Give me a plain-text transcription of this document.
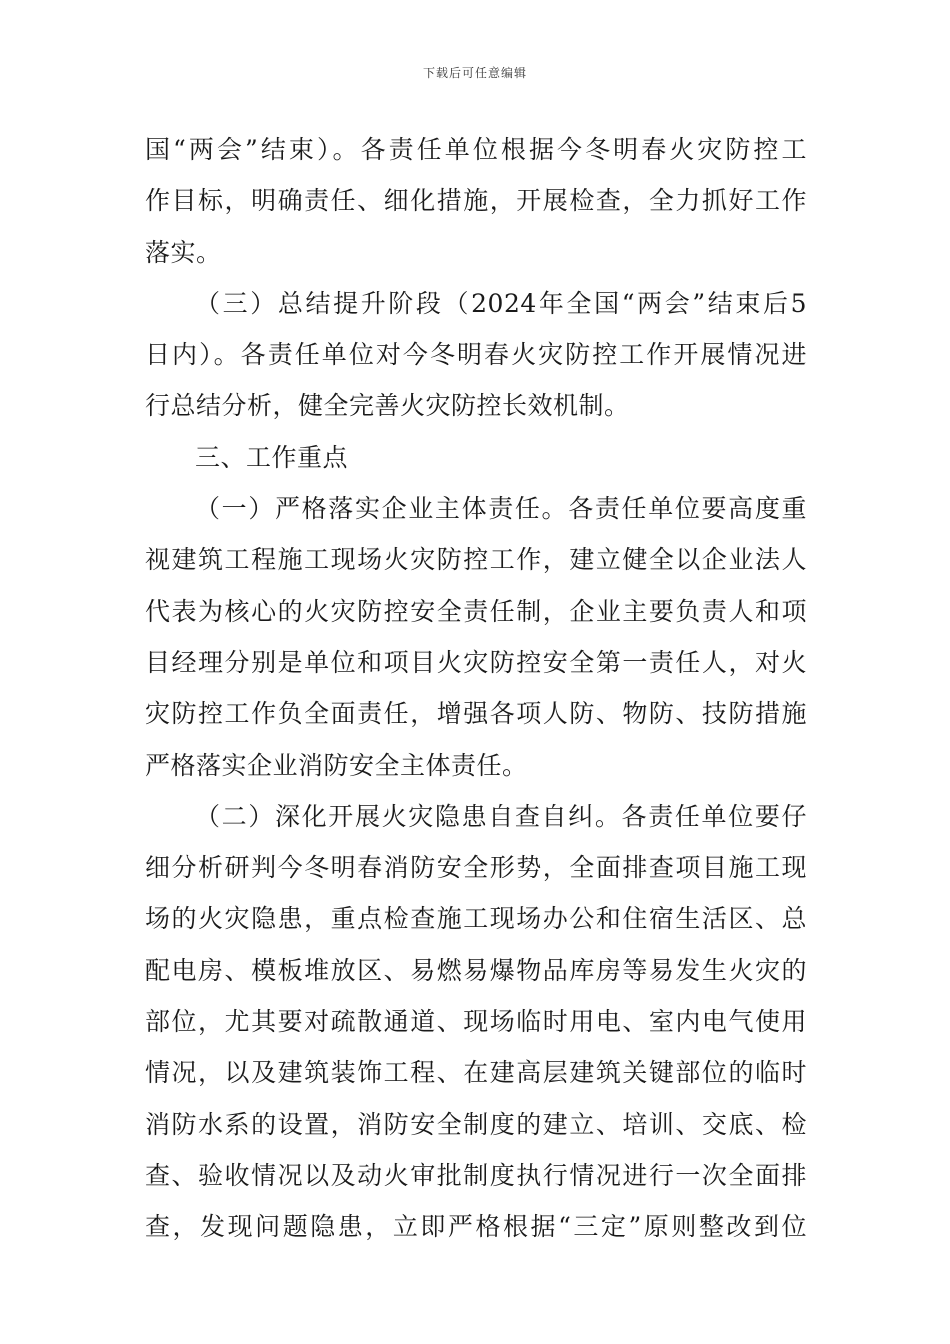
下载后可任意编辑
国“两会”结束）。各责任单位根据今冬明春火灾防控工
作目标，明确责任、细化措施，开展检查，全力抓好工作
落实。
（三）总结提升阶段（2024年全国“两会”结束后5
日内）。各责任单位对今冬明春火灾防控工作开展情况进
行总结分析，健全完善火灾防控长效机制。
三、工作重点
（一）严格落实企业主体责任。各责任单位要高度重
视建筑工程施工现场火灾防控工作，建立健全以企业法人
代表为核心的火灾防控安全责任制，企业主要负责人和项
目经理分别是单位和项目火灾防控安全第一责任人，对火
灾防控工作负全面责任，增强各项人防、物防、技防措施
严格落实企业消防安全主体责任。
（二）深化开展火灾隐患自查自纠。各责任单位要仔
细分析研判今冬明春消防安全形势，全面排查项目施工现
场的火灾隐患，重点检查施工现场办公和住宿生活区、总
配电房、模板堆放区、易燃易爆物品库房等易发生火灾的
部位，尤其要对疏散通道、现场临时用电、室内电气使用
情况，以及建筑装饰工程、在建高层建筑关键部位的临时
消防水系的设置，消防安全制度的建立、培训、交底、检
查、验收情况以及动火审批制度执行情况进行一次全面排
查，发现问题隐患，立即严格根据“三定”原则整改到位
